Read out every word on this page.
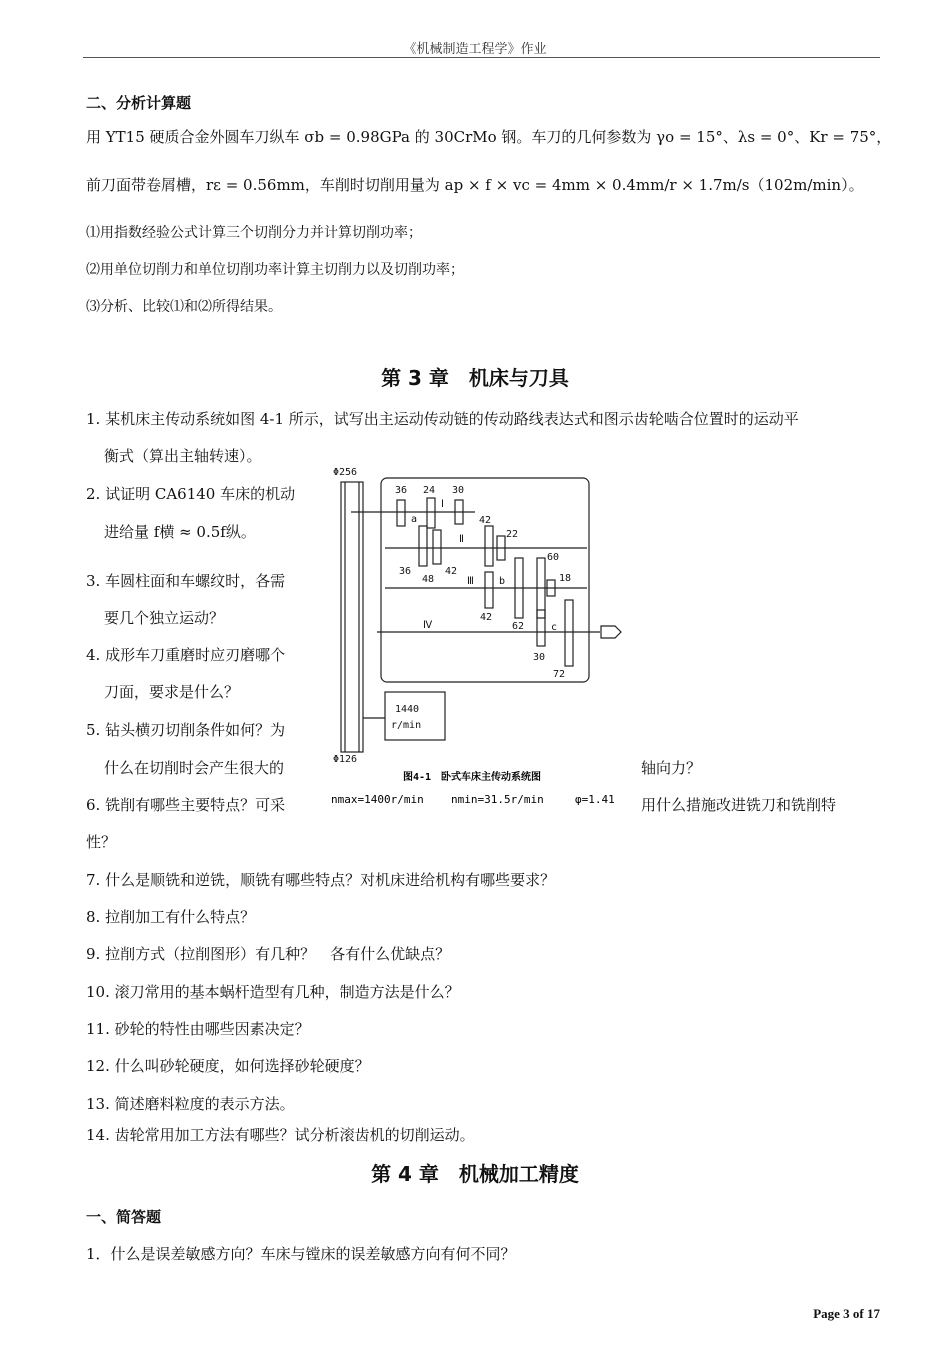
《机械制造工程学》作业
二、分析计算题
用 YT15 硬质合金外圆车刀纵车 σb = 0.98GPa 的 30CrMo 钢。车刀的几何参数为 γo = 15°、λs = 0°、Kr = 75°，
前刀面带卷屑槽，rε = 0.56mm，车削时切削用量为 ap × f × vc = 4mm × 0.4mm/r × 1.7m/s（102m/min）。
⑴用指数经验公式计算三个切削分力并计算切削功率；
⑵用单位切削力和单位切削功率计算主切削力以及切削功率；
⑶分析、比较⑴和⑵所得结果。
第 3 章　机床与刀具
1. 某机床主传动系统如图 4-1 所示，试写出主运动传动链的传动路线表达式和图示齿轮啮合位置时的运动平
衡式（算出主轴转速）。
2. 试证明 CA6140 车床的机动
进给量 f横 ≈ 0.5f纵。
3. 车圆柱面和车螺纹时，各需
要几个独立运动？
4. 成形车刀重磨时应刃磨哪个
刀面，要求是什么？
5. 钻头横刃切削条件如何？为
什么在切削时会产生很大的	轴向力？
6. 铣削有哪些主要特点？可采	用什么措施改进铣刀和铣削特
性？
7. 什么是顺铣和逆铣，顺铣有哪些特点？对机床进给机构有哪些要求？
8. 拉削加工有什么特点？
9. 拉削方式（拉削图形）有几种？　各有什么优缺点？
10. 滚刀常用的基本蜗杆造型有几种，制造方法是什么？
11. 砂轮的特性由哪些因素决定？
12. 什么叫砂轮硬度，如何选择砂轮硬度？
13. 简述磨料粒度的表示方法。
14. 齿轮常用加工方法有哪些？试分析滚齿机的切削运动。
Φ256
Φ126
1440
r/min
36 24 30
42
22
60
36
48
42
18
42
62
30
72
Ⅰ
Ⅱ
Ⅲ
Ⅳ
a
b
c
图4-1　卧式车床主传动系统图
nmax=1400r/min nmin=31.5r/min	φ=1.41
第 4 章　机械加工精度
一、简答题
1．什么是误差敏感方向？车床与镗床的误差敏感方向有何不同？
Page 3 of 17
